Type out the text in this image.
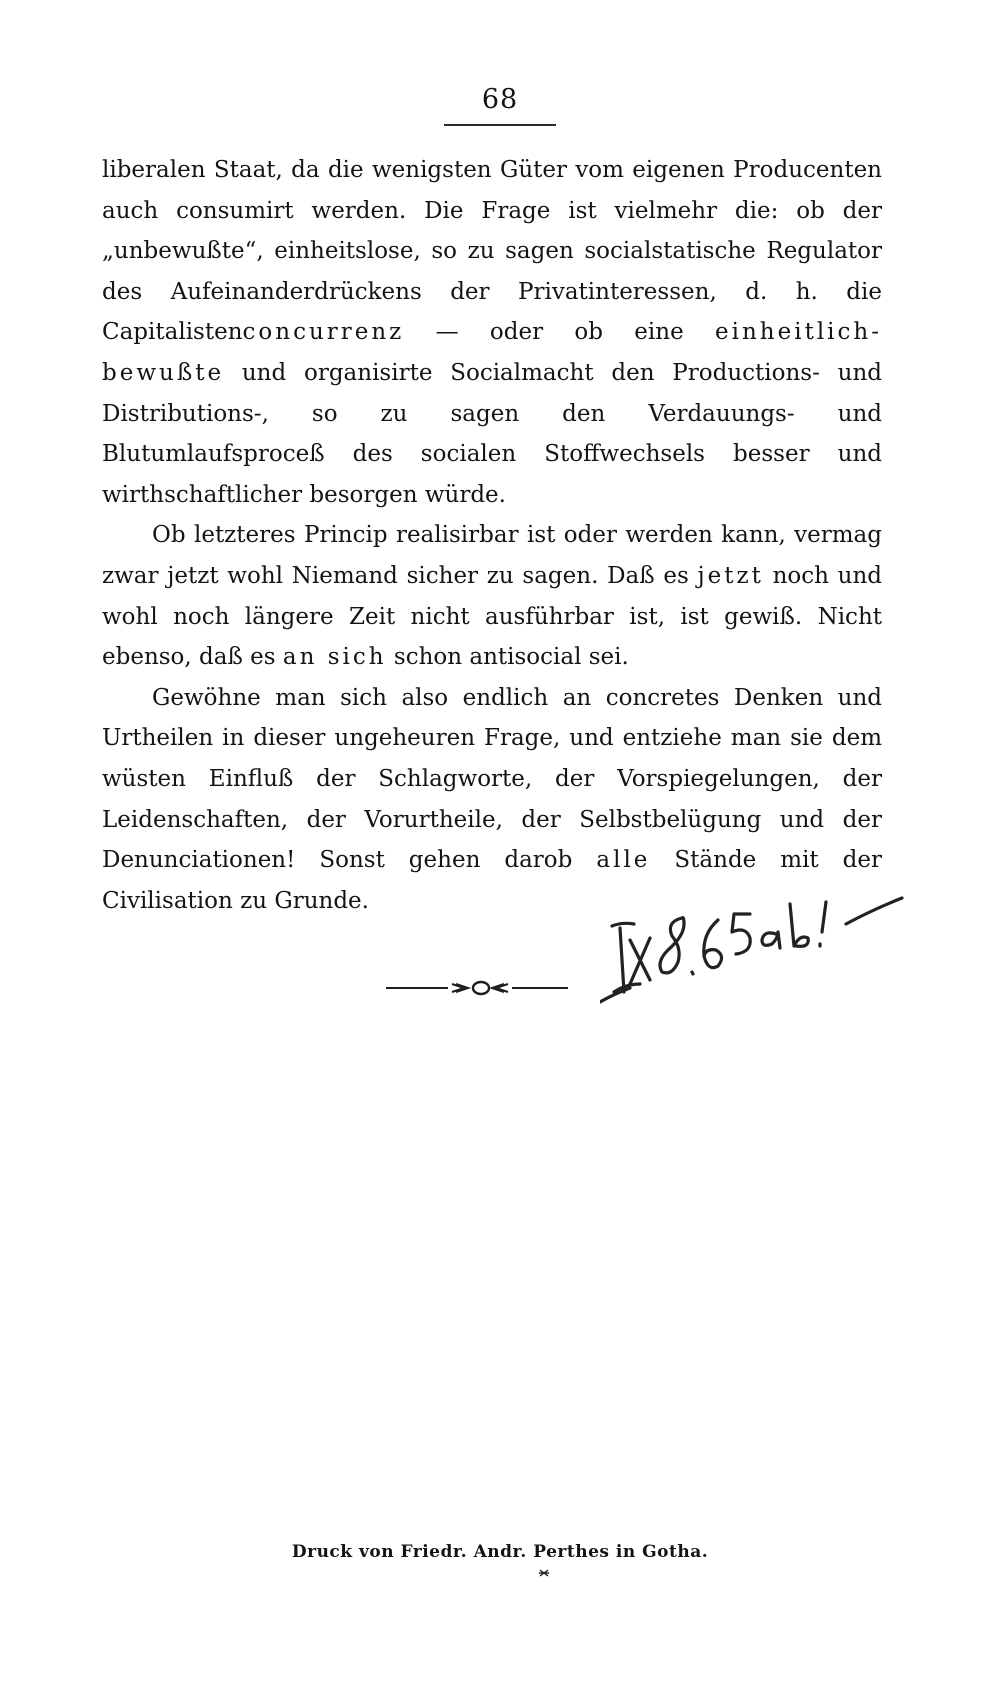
68

liberalen Staat, da die wenigsten Güter vom eigenen Producenten auch consumirt werden. Die Frage ist vielmehr die: ob der „unbewußte“, einheitslose, so zu sagen socialstatische Regulator des Aufeinanderdrückens der Privatinteressen, d. h. die Capitalistenconcurrenz — oder ob eine einheitlich-bewußte und organisirte Socialmacht den Productions- und Distributions-, so zu sagen den Verdauungs- und Blutumlaufsproceß des socialen Stoffwechsels besser und wirthschaftlicher besorgen würde.

Ob letzteres Princip realisirbar ist oder werden kann, vermag zwar jetzt wohl Niemand sicher zu sagen. Daß es jetzt noch und wohl noch längere Zeit nicht ausführbar ist, ist gewiß. Nicht ebenso, daß es an sich schon antisocial sei.

Gewöhne man sich also endlich an concretes Denken und Urtheilen in dieser ungeheuren Frage, und entziehe man sie dem wüsten Einfluß der Schlagworte, der Vorspiegelungen, der Leidenschaften, der Vorurtheile, der Selbstbelügung und der Denunciationen! Sonst gehen darob alle Stände mit der Civilisation zu Grunde.

Druck von Friedr. Andr. Perthes in Gotha.
